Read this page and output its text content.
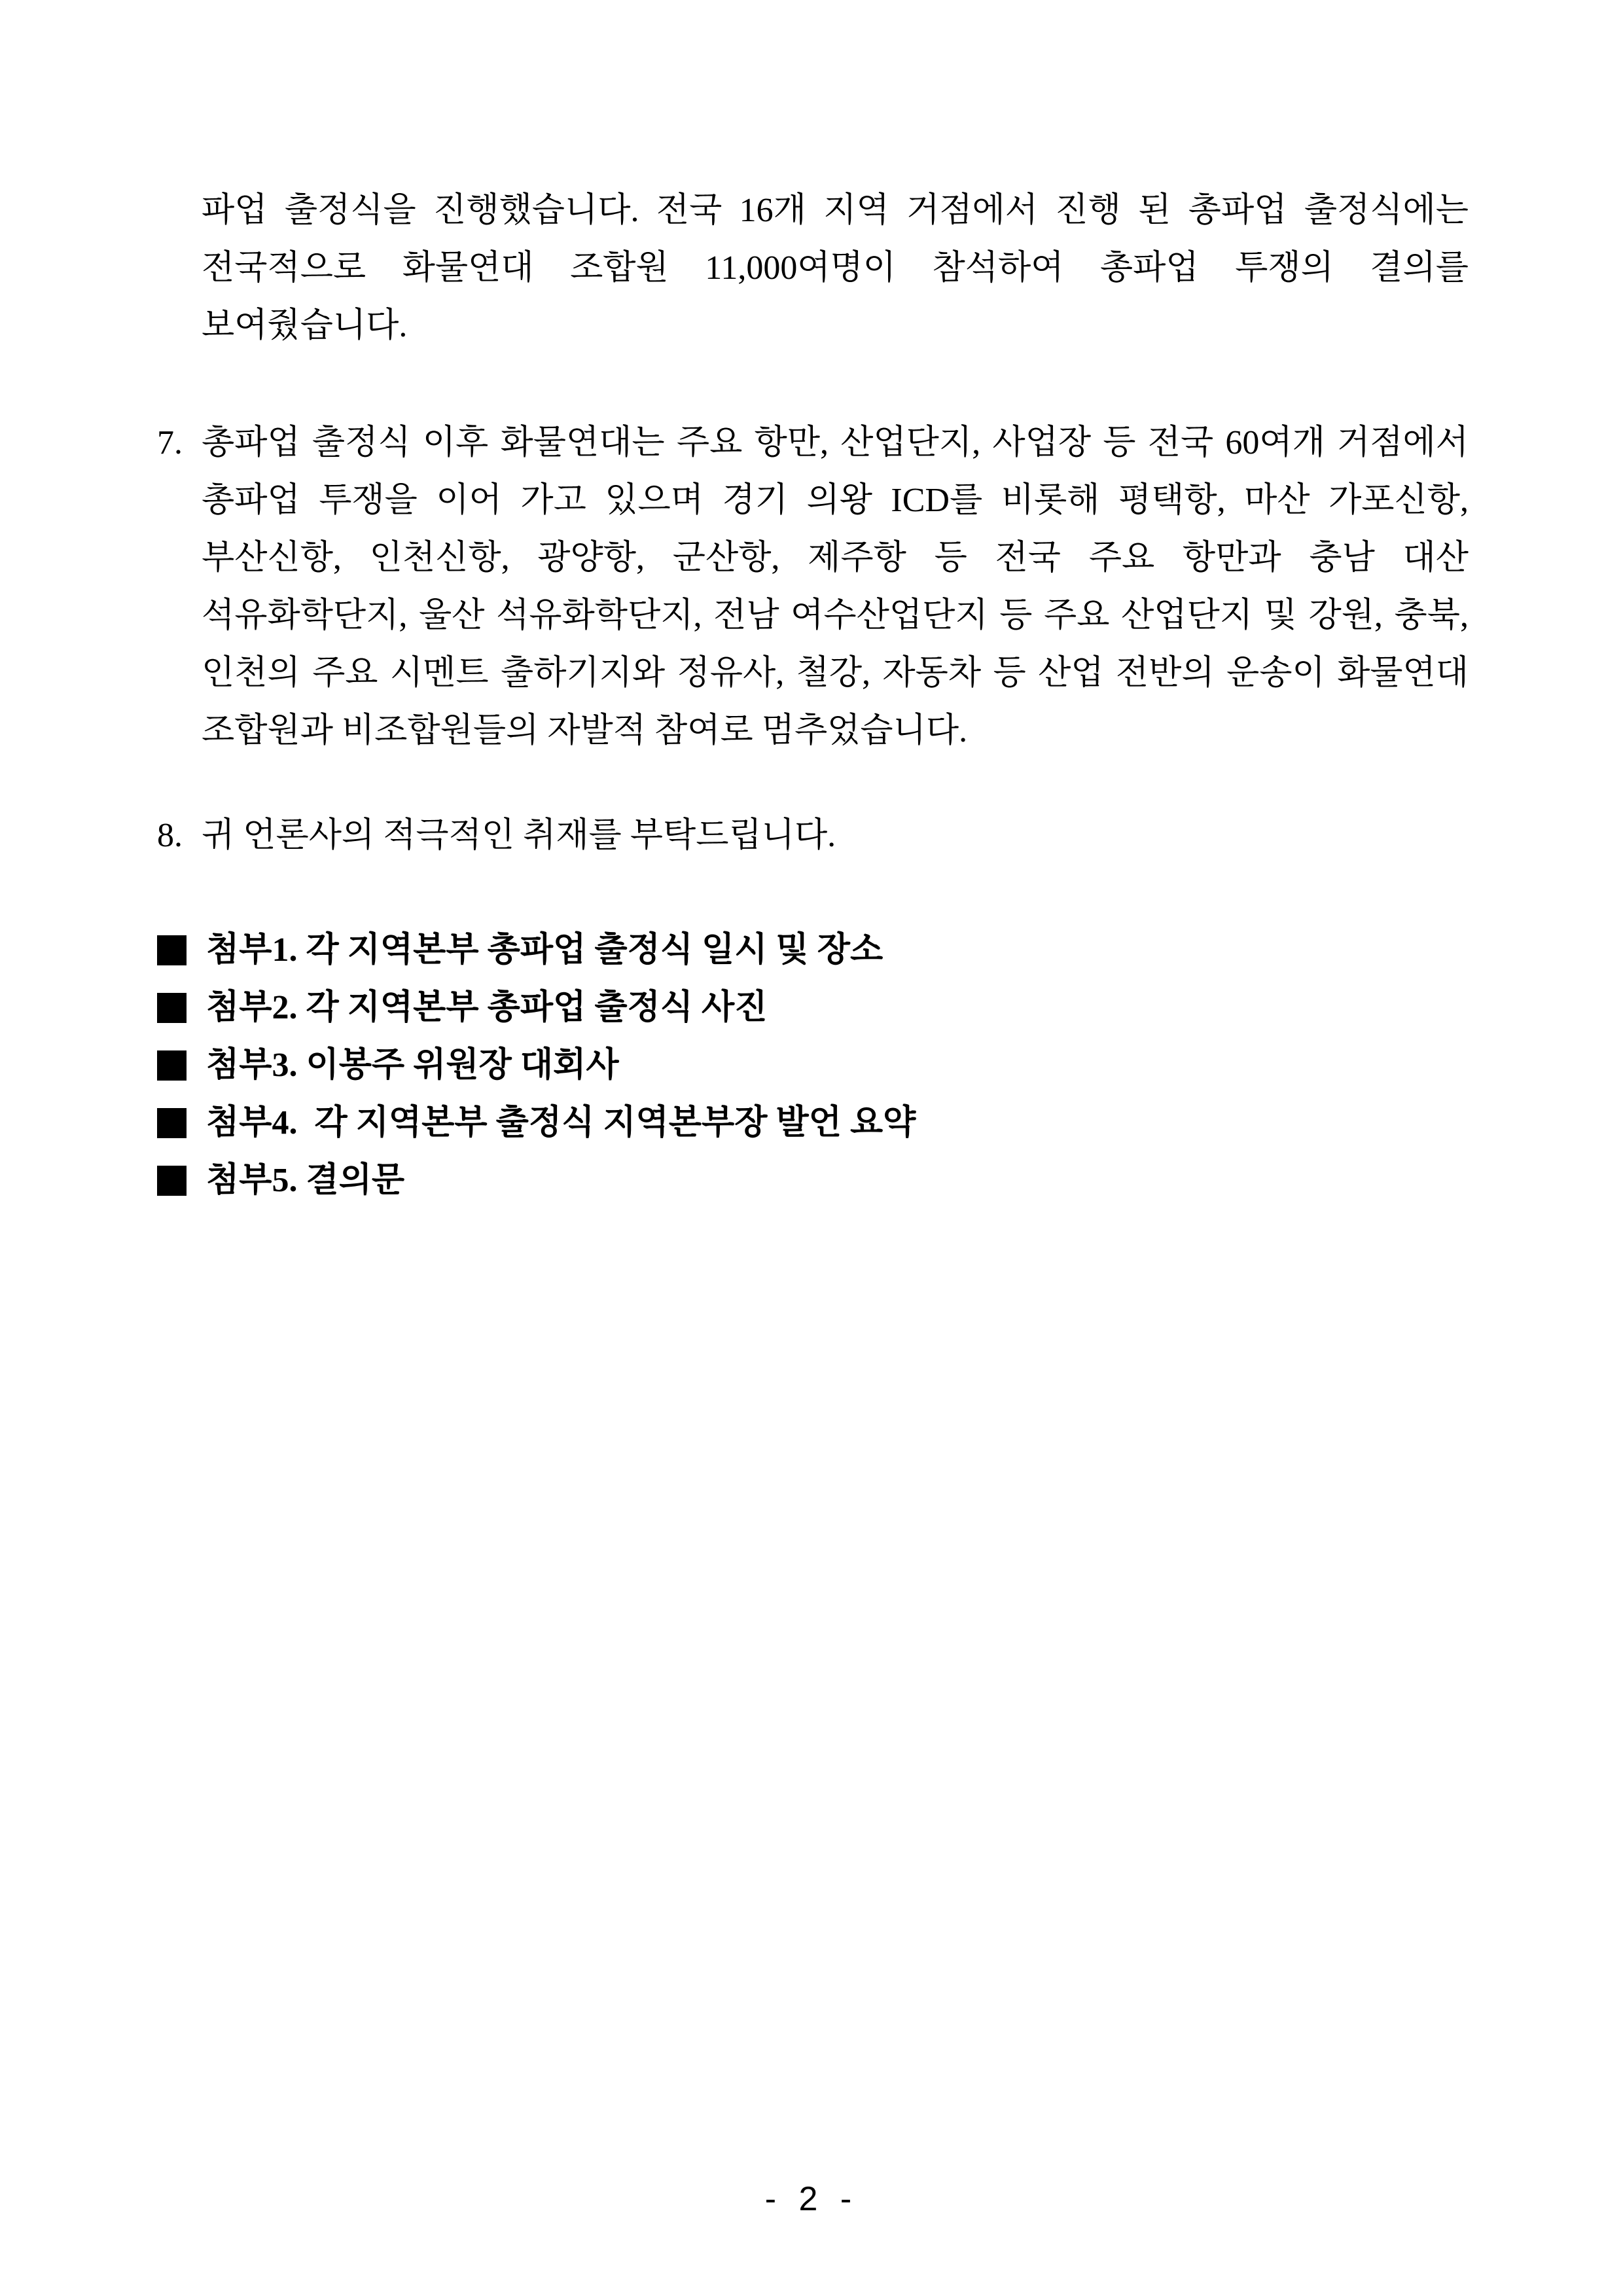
파업 출정식을 진행했습니다. 전국 16개 지역 거점에서 진행 된 총파업 출정식에는 전국적으로 화물연대 조합원 11,000여명이 참석하여 총파업 투쟁의 결의를 보여줬습니다.

7. 총파업 출정식 이후 화물연대는 주요 항만, 산업단지, 사업장 등 전국 60여개 거점에서 총파업 투쟁을 이어 가고 있으며 경기 의왕 ICD를 비롯해 평택항, 마산 가포신항, 부산신항, 인천신항, 광양항, 군산항, 제주항 등 전국 주요 항만과 충남 대산 석유화학단지, 울산 석유화학단지, 전남 여수산업단지 등 주요 산업단지 및 강원, 충북, 인천의 주요 시멘트 출하기지와 정유사, 철강, 자동차 등 산업 전반의 운송이 화물연대 조합원과 비조합원들의 자발적 참여로 멈추었습니다.

8. 귀 언론사의 적극적인 취재를 부탁드립니다.

첨부1. 각 지역본부 총파업 출정식 일시 및 장소
첨부2. 각 지역본부 총파업 출정식 사진
첨부3. 이봉주 위원장 대회사
첨부4.  각 지역본부 출정식 지역본부장 발언 요약
첨부5. 결의문
- 2 -
